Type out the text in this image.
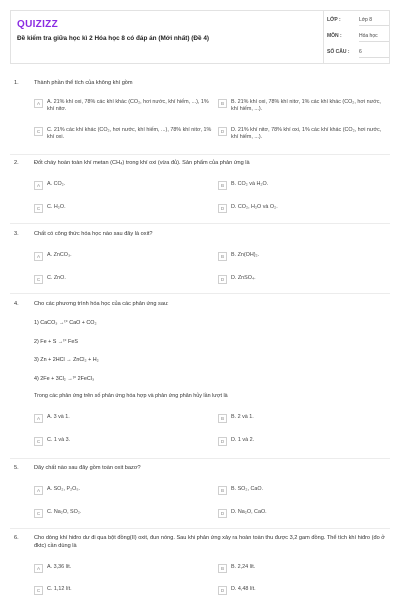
QUIZIZZ
Đề kiểm tra giữa học kì 2 Hóa học 8 có đáp án (Mới nhất) (Đề 4)
LỚP :	Lớp 8
MÔN :	Hóa học
SỐ CÂU : 6
1.	Thành phần thể tích của không khí gồm
A	A. 21% khí oxi, 78% các khí khác (CO₂, hơi nước, khí hiếm, ...), 1% khí nitơ.
B	B. 21% khí oxi, 78% khí nitơ, 1% các khí khác (CO₂, hơi nước, khí hiếm, ...).
C	C. 21% các khí khác (CO₂, hơi nước, khí hiếm, ...), 78% khí nitơ, 1% khí oxi.
D	D. 21% khí nitơ, 78% khí oxi, 1% các khí khác (CO₂, hơi nước, khí hiếm, ...).
2.	Đốt cháy hoàn toàn khí metan (CH₄) trong khí oxi (vừa đủ). Sản phẩm của phản ứng là
A	A. CO₂.	B	B. CO₂ và H₂O.
C	C. H₂O.	D	D. CO₂, H₂O và O₂.
3.	Chất có công thức hóa học nào sau đây là oxit?
A	A. ZnCO₃.	B	B. Zn(OH)₂.
C	C. ZnO.	D	D. ZnSO₄.
4.	Cho các phương trình hóa học của các phản ứng sau:
1) CaCO₃ →ᵗ° CaO + CO₂
2) Fe + S →ᵗ° FeS
3) Zn + 2HCl → ZnCl₂ + H₂
4) 2Fe + 3Cl₂ →ᵗ° 2FeCl₃
Trong các phản ứng trên số phản ứng hóa hợp và phản ứng phân hủy lần lượt là
A	A. 3 và 1.	B	B. 2 và 1.
C	C. 1 và 3.	D	D. 1 và 2.
5.	Dãy chất nào sau đây gồm toàn oxit bazơ?
A	A. SO₂, P₂O₅.	B	B. SO₂, CaO.
C	C. Na₂O, SO₂.	D	D. Na₂O, CaO.
6.	Cho dòng khí hiđro dư đi qua bột đồng(II) oxit, đun nóng. Sau khi phản ứng xảy ra hoàn toàn thu được 3,2 gam đồng. Thể tích khí hiđro (đo ở đktc) cần dùng là
A	A. 3,36 lít.	B	B. 2,24 lít.
C	C. 1,12 lít.	D	D. 4,48 lít.
